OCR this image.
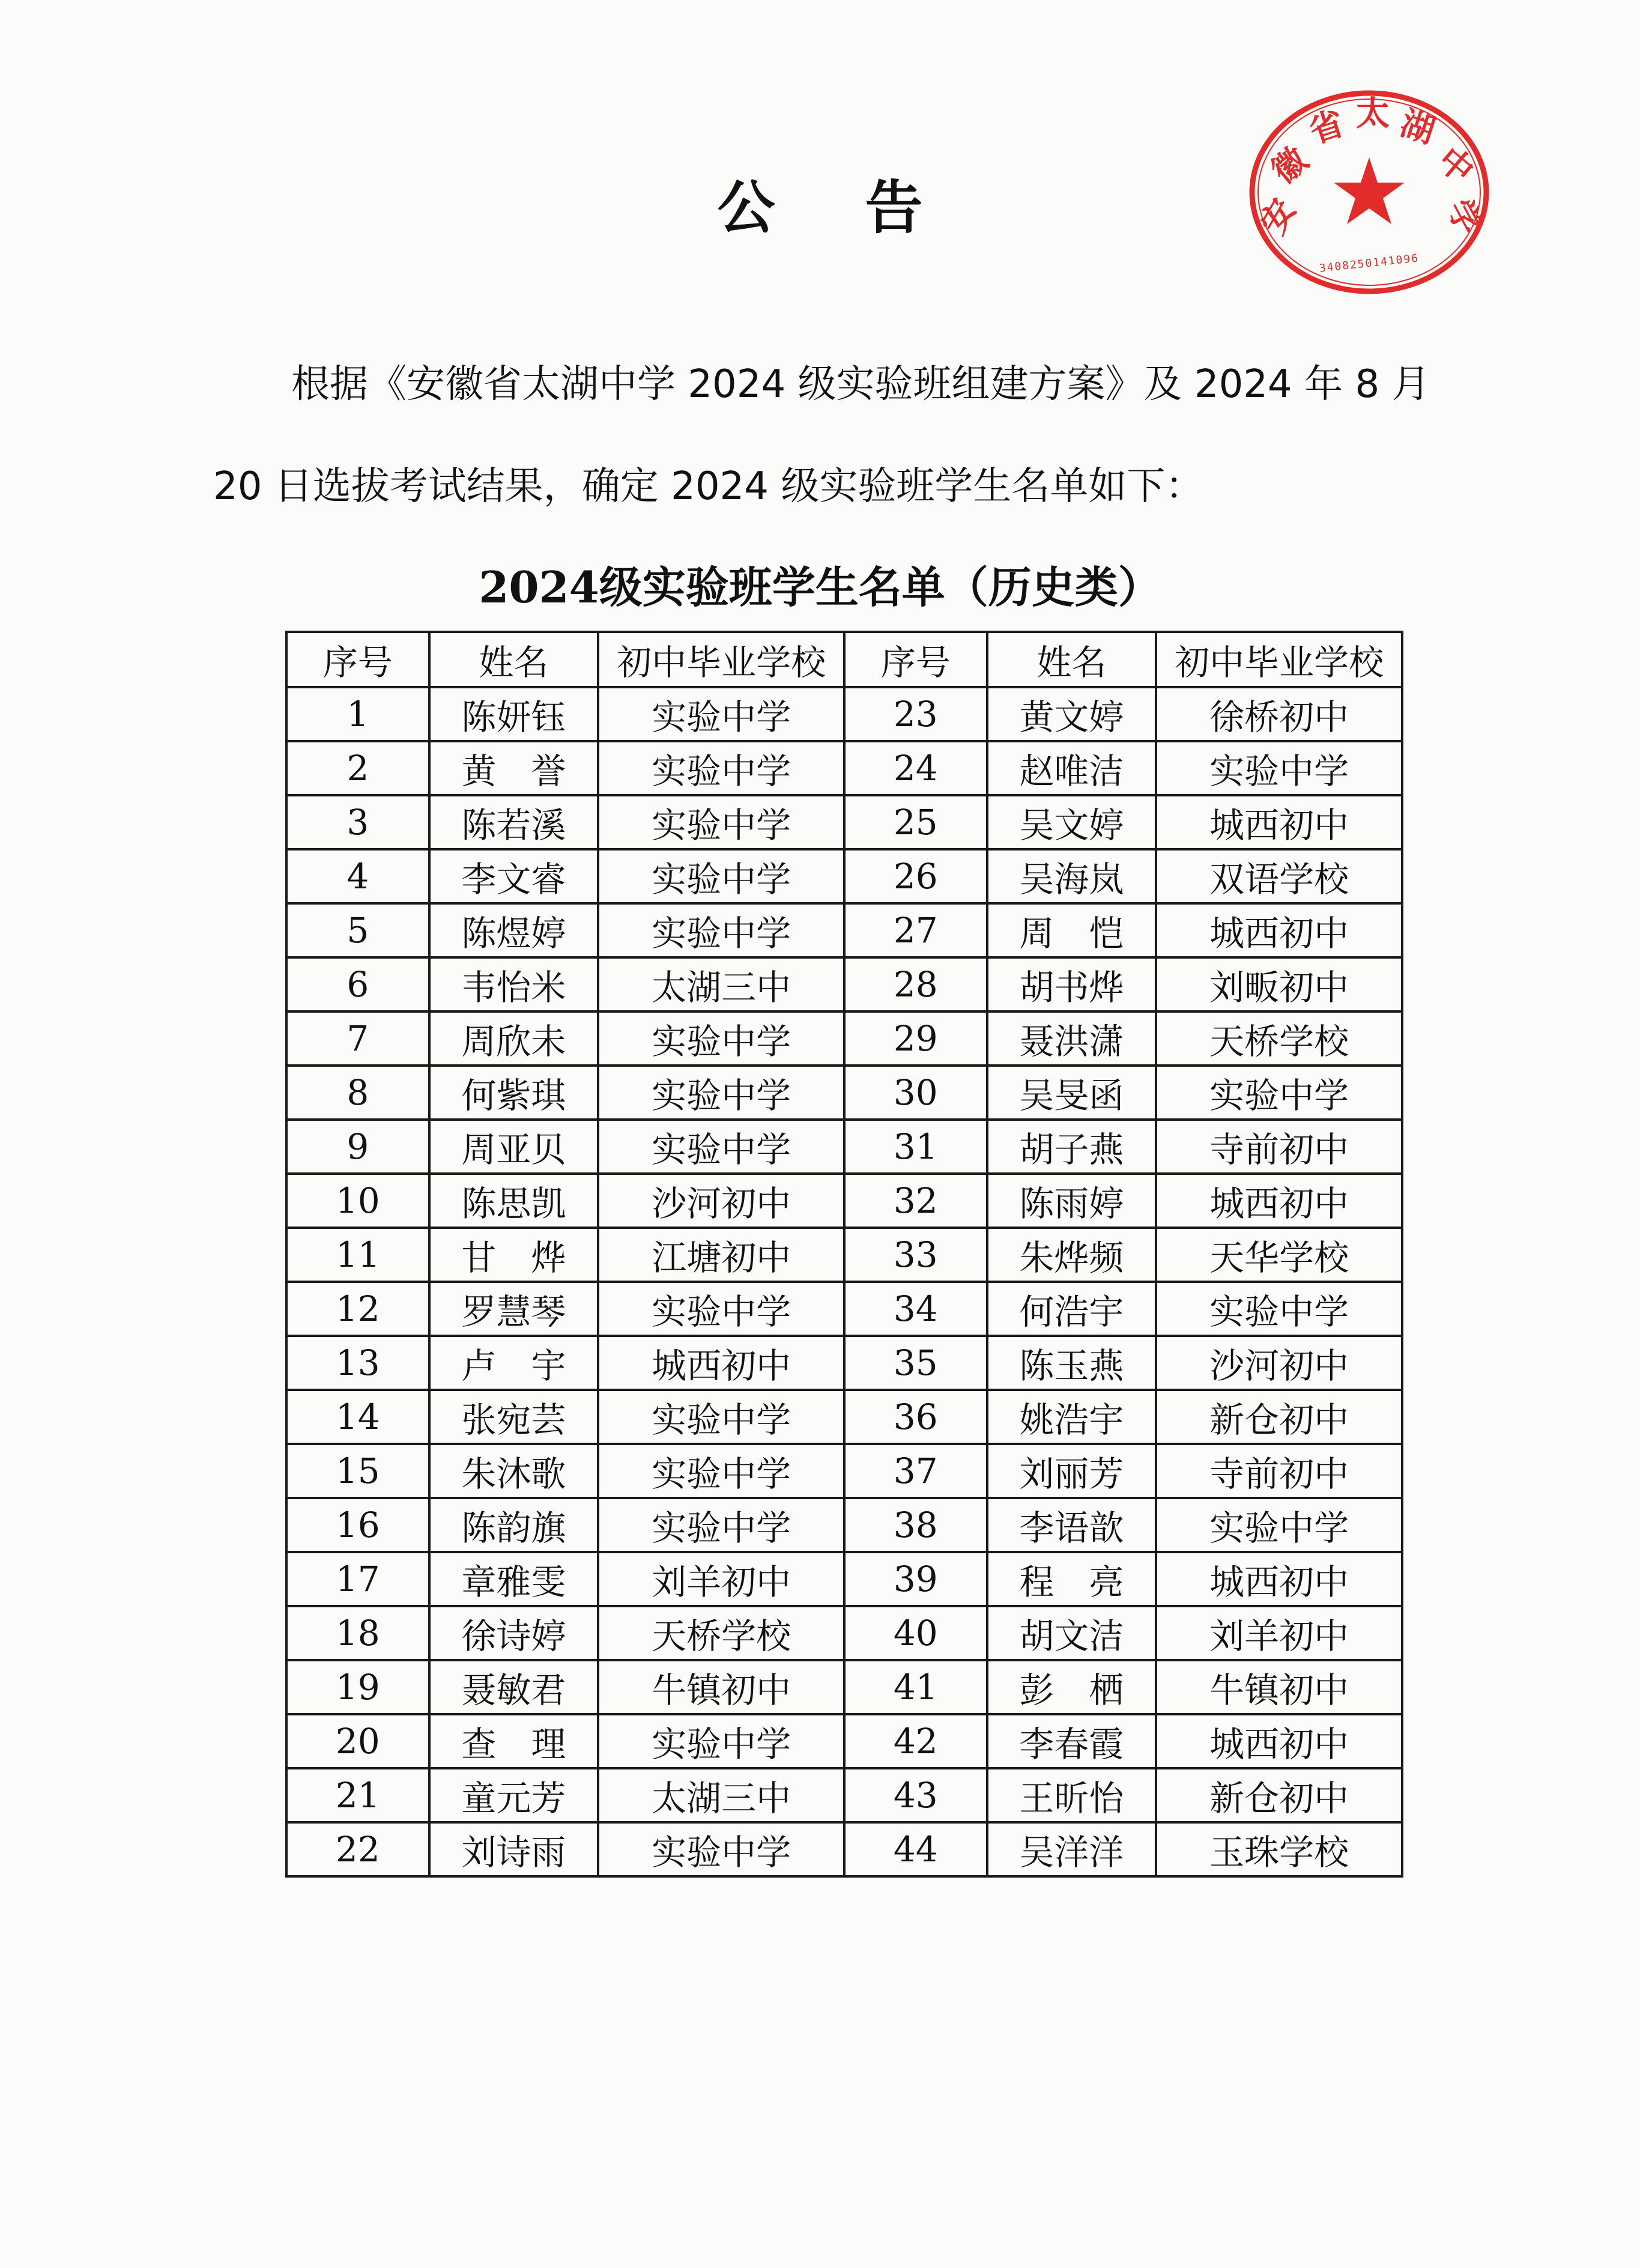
公告	安
徽
省 太 湖
中
学
3408250141096
根据《安徽省太湖中学 2024 级实验班组建方案》及 2024 年 8 月
20 日选拔考试结果，确定 2024 级实验班学生名单如下：
2024级实验班学生名单（历史类）
序号	姓名	初中毕业学校	序号	姓名	初中毕业学校
1	陈妍钰	实验中学	23	黄文婷	徐桥初中
2	黄　誉	实验中学	24	赵唯洁	实验中学
3	陈若溪	实验中学	25	吴文婷	城西初中
4	李文睿	实验中学	26	吴海岚	双语学校
5	陈煜婷	实验中学	27	周　恺	城西初中
6	韦怡米	太湖三中	28	胡书烨	刘畈初中
7	周欣未	实验中学	29	聂洪潇	天桥学校
8	何紫琪	实验中学	30	吴旻函	实验中学
9	周亚贝	实验中学	31	胡子燕	寺前初中
10	陈思凯	沙河初中	32	陈雨婷	城西初中
11	甘　烨	江塘初中	33	朱烨频	天华学校
12	罗慧琴	实验中学	34	何浩宇	实验中学
13	卢　宇	城西初中	35	陈玉燕	沙河初中
14	张宛芸	实验中学	36	姚浩宇	新仓初中
15	朱沐歌	实验中学	37	刘丽芳	寺前初中
16	陈韵旗	实验中学	38	李语歆	实验中学
17	章雅雯	刘羊初中	39	程　亮	城西初中
18	徐诗婷	天桥学校	40	胡文洁	刘羊初中
19	聂敏君	牛镇初中	41	彭　栖	牛镇初中
20	查　理	实验中学	42	李春霞	城西初中
21	童元芳	太湖三中	43	王昕怡	新仓初中
22	刘诗雨	实验中学	44	吴洋洋	玉珠学校
